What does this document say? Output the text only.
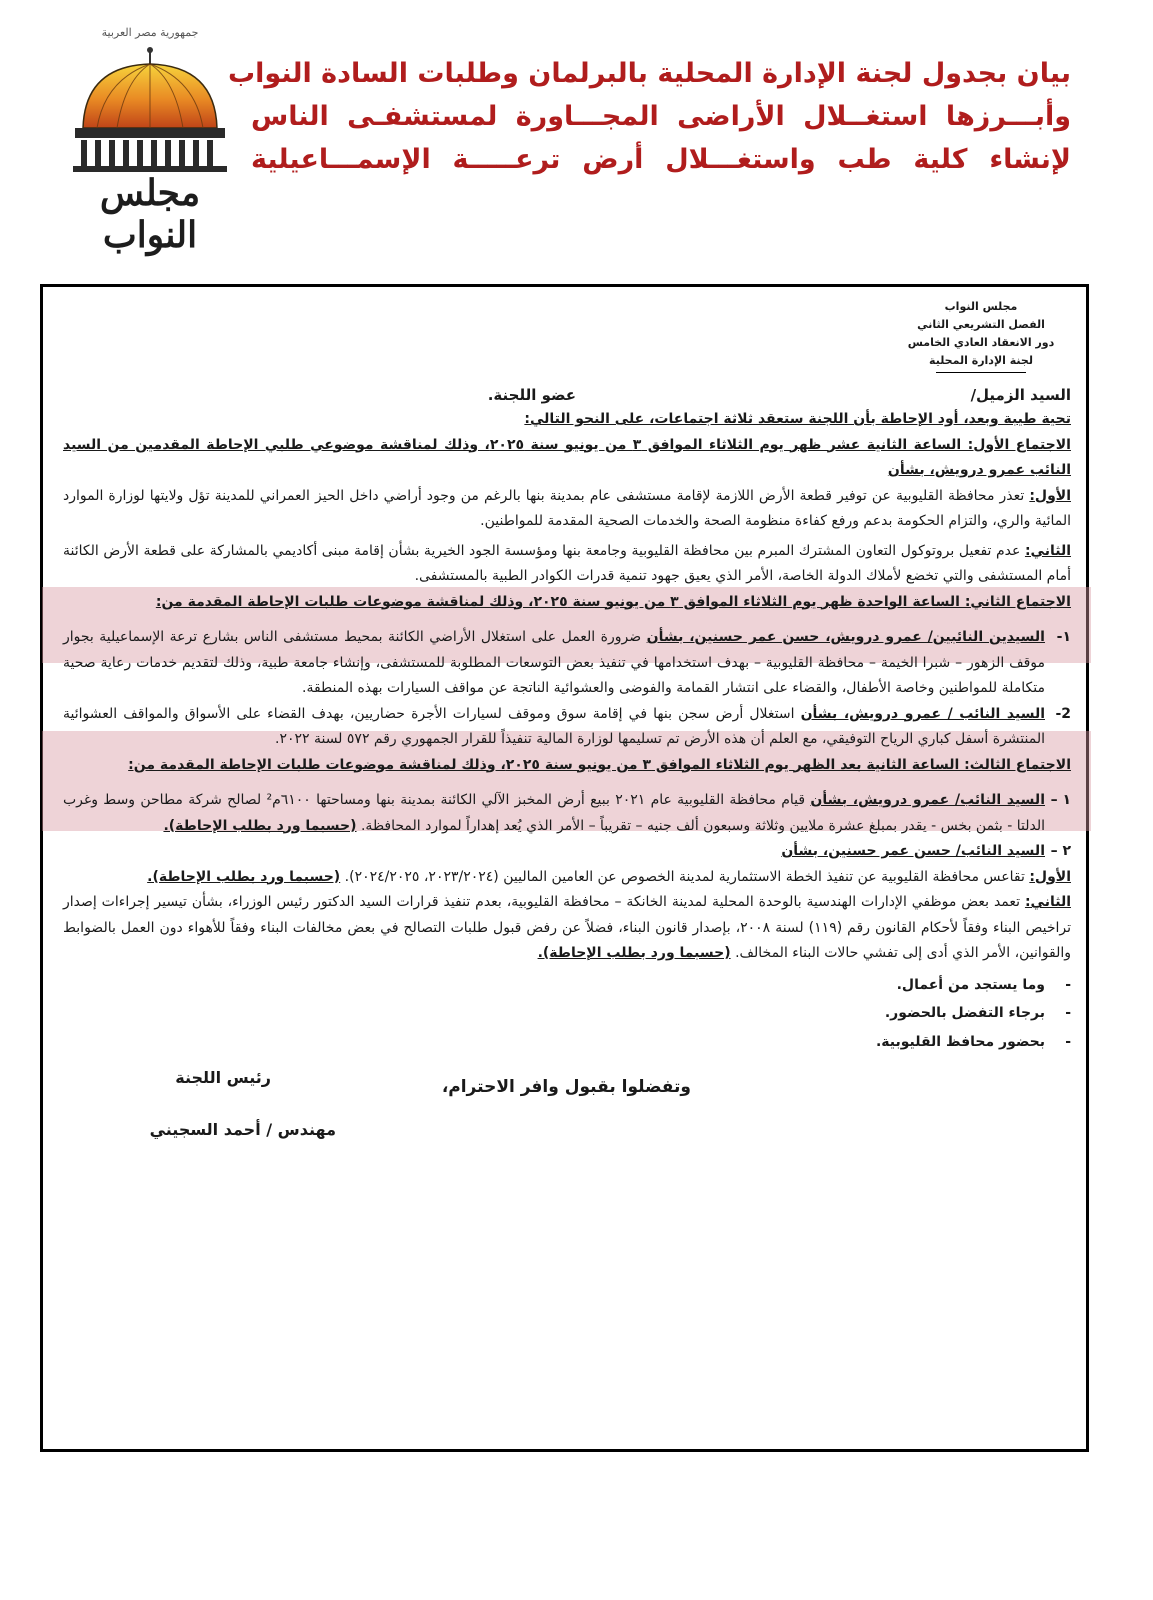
جمهورية مصر العربية
مجلس النواب
بيان بجدول لجنة الإدارة المحلية بالبرلمان وطلبات السادة النواب
وأبـــرزها استغــلال الأراضى المجـــاورة لمستشفـى الناس
لإنشاء كلية طب واستغـــلال أرض ترعـــــة الإسمـــاعيلية
مجلس النواب
الفصل التشريعي الثاني
دور الانعقاد العادي الخامس
لجنة الإدارة المحلية
السيد الزميل/
عضو اللجنة.

تحية طيبة وبعد، أود الإحاطة بأن اللجنة ستعقد ثلاثة اجتماعات، على النحو التالي:

الاجتماع الأول: الساعة الثانية عشر ظهر يوم الثلاثاء الموافق ٣ من يونيو سنة ٢٠٢٥، وذلك لمناقشة موضوعي طلبي الإحاطة المقدمين من السيد النائب عمرو درويش، بشأن

الأول: تعذر محافظة القليوبية عن توفير قطعة الأرض اللازمة لإقامة مستشفى عام بمدينة بنها بالرغم من وجود أراضي داخل الحيز العمراني للمدينة تؤل ولايتها لوزارة الموارد المائية والري، والتزام الحكومة بدعم ورفع كفاءة منظومة الصحة والخدمات الصحية المقدمة للمواطنين.

الثاني: عدم تفعيل بروتوكول التعاون المشترك المبرم بين محافظة القليوبية وجامعة بنها ومؤسسة الجود الخيرية بشأن إقامة مبنى أكاديمي بالمشاركة على قطعة الأرض الكائنة أمام المستشفى والتي تخضع لأملاك الدولة الخاصة، الأمر الذي يعيق جهود تنمية قدرات الكوادر الطبية بالمستشفى.

الاجتماع الثاني: الساعة الواحدة ظهر يوم الثلاثاء الموافق ٣ من يونيو سنة ٢٠٢٥، وذلك لمناقشة موضوعات طلبات الإحاطة المقدمة من:

١-
السيدين النائبين/ عمرو درويش، حسن عمر حسنين، بشأن ضرورة العمل على استغلال الأراضي الكائنة بمحيط مستشفى الناس بشارع ترعة الإسماعيلية بجوار موقف الزهور – شبرا الخيمة – محافظة القليوبية – بهدف استخدامها في تنفيذ بعض التوسعات المطلوبة للمستشفى، وإنشاء جامعة طبية، وذلك لتقديم خدمات رعاية صحية متكاملة للمواطنين وخاصة الأطفال، والقضاء على انتشار القمامة والفوضى والعشوائية الناتجة عن مواقف السيارات بهذه المنطقة.
2-
السيد النائب / عمرو درويش، بشأن استغلال أرض سجن بنها في إقامة سوق وموقف لسيارات الأجرة حضاريين، بهدف القضاء على الأسواق والمواقف العشوائية المنتشرة أسفل كباري الرياح التوفيقي، مع العلم أن هذه الأرض تم تسليمها لوزارة المالية تنفيذاً للقرار الجمهوري رقم ٥٧٢ لسنة ٢٠٢٢.

الاجتماع الثالث: الساعة الثانية بعد الظهر يوم الثلاثاء الموافق ٣ من يونيو سنة ٢٠٢٥، وذلك لمناقشة موضوعات طلبات الإحاطة المقدمة من:

١ –
السيد النائب/ عمرو درويش، بشأن قيام محافظة القليوبية عام ٢٠٢١ ببيع أرض المخبز الآلي الكائنة بمدينة بنها ومساحتها ٦١٠٠م² لصالح شركة مطاحن وسط وغرب الدلتا - بثمن بخس - يقدر بمبلغ عشرة ملايين وثلاثة وسبعون ألف جنيه – تقريباً – الأمر الذي يُعد إهداراً لموارد المحافظة. (حسبما ورد بطلب الإحاطة).
٢ –
السيد النائب/ حسن عمر حسنين، بشأن

الأول: تقاعس محافظة القليوبية عن تنفيذ الخطة الاستثمارية لمدينة الخصوص عن العامين الماليين (٢٠٢٣/٢٠٢٤، ٢٠٢٤/٢٠٢٥). (حسبما ورد بطلب الإحاطة).

الثاني: تعمد بعض موظفي الإدارات الهندسية بالوحدة المحلية لمدينة الخانكة – محافظة القليوبية، بعدم تنفيذ قرارات السيد الدكتور رئيس الوزراء، بشأن تيسير إجراءات إصدار تراخيص البناء وفقاً لأحكام القانون رقم (١١٩) لسنة ٢٠٠٨، بإصدار قانون البناء، فضلاً عن رفض قبول طلبات التصالح في بعض مخالفات البناء وفقاً للأهواء دون العمل بالضوابط والقوانين، الأمر الذي أدى إلى تفشي حالات البناء المخالف. (حسبما ورد بطلب الإحاطة).

-
وما يستجد من أعمال.
-
برجاء التفضل بالحضور.
-
بحضور محافظ القليوبية.
رئيس اللجنة	وتفضلوا بقبول وافر الاحترام،
مهندس / أحمد السجيني
